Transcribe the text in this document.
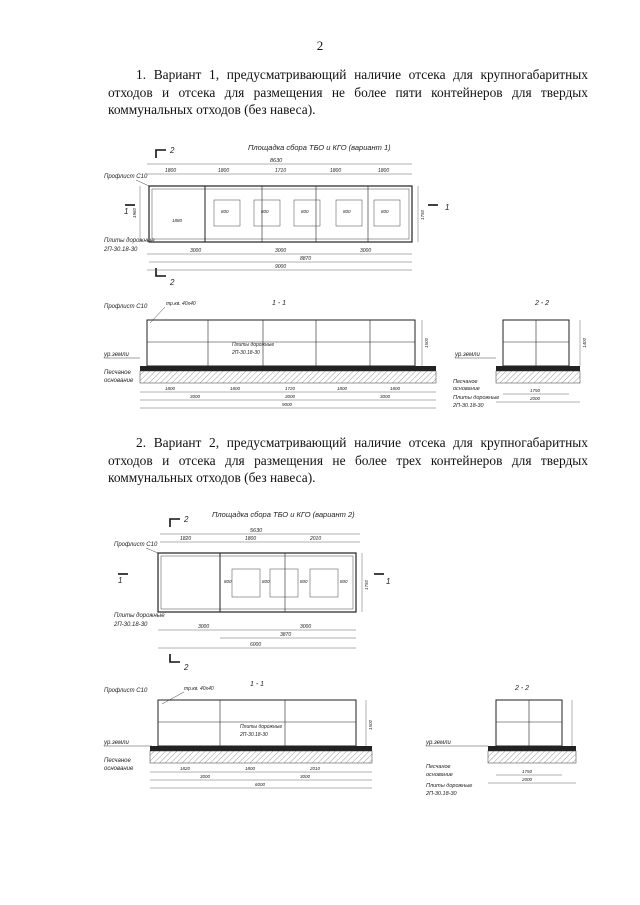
2
1. Вариант 1, предусматривающий наличие отсека для крупногабаритных отходов и отсека для размещения не более пяти контейнеров для твердых коммунальных отходов (без навеса).
2. Вариант 2, предусматривающий наличие отсека для крупногабаритных отходов и отсека для размещения не более трех контейнеров для твердых коммунальных отходов (без навеса).
Площадка сбора ТБО и КГО (вариант 1)
2
2
1	1
8630
1800	1800	1710	1800	1800
Профлист С10
800	800	800	800	800
1880
1960	1750
Плиты дорожные
2П-30.18-30	3000	3000	3000
8870
9000
1 - 1
Профлист С10	тр.кв. 40х40
Плиты дорожные
2П-30.18-30
1500
ур.земли
Песчаное
основание
1800	1800	1720	1800	1800
3000	3000	3000
9000
2 - 2
1400
ур.земли
Песчаное
основание
Плиты дорожные
2П-30.18-30
1750
2000
Площадка сбора ТБО и КГО (вариант 2)
2
2
1	1
5630
1820	1800	2010
Профлист С10
800	800	800	800	1750
Плиты дорожные
2П-30.18-30	3000	3000
3870
6000
1 - 1
Профлист С10	тр.кв. 40х40
Плиты дорожные
2П-30.18-30
1500
ур.земли
Песчаное
основание	1820	1800	2010
3000	3000
6000
2 - 2
ур.земли
Песчаное
основание
Плиты дорожные
2П-30.18-30
1750
2000
